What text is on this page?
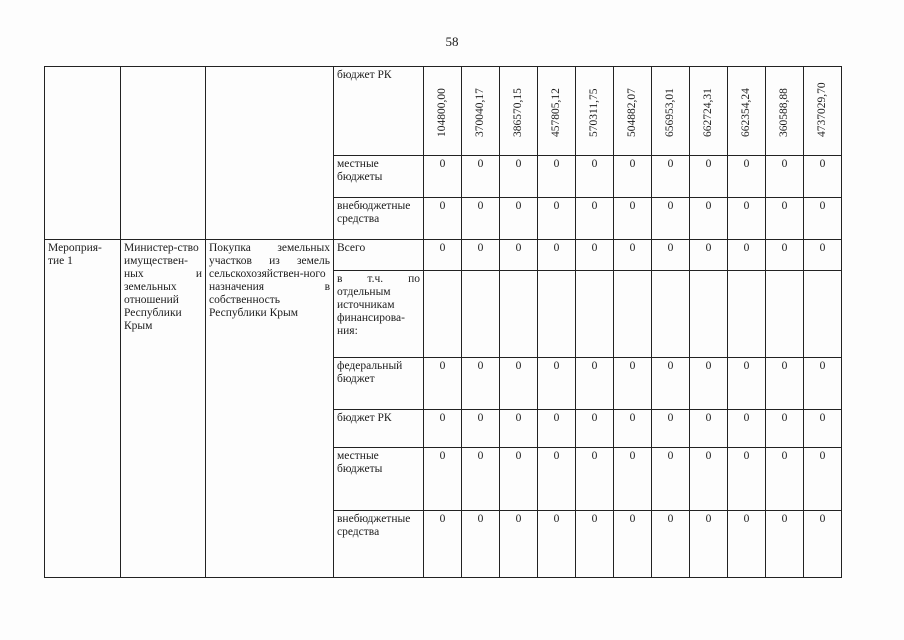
58
			бюджет РК	104800,00	370040,17	386570,15	457805,12	570311,75	504882,07	656953,01	662724,31	662354,24	360588,88	4737029,70

			местные бюджеты	0	0	0	0	0	0	0	0	0	0	0
			внебюджетные средства	0	0	0	0	0	0	0	0	0	0	0
Мероприя-тие 1	Министер-ство имуществен-ных и земельных отношений Республики Крым	Покупка земельных участков из земель сельскохозяйствен-ного назначения в собственность Республики Крым	Всего	0	0	0	0	0	0	0	0	0	0	0
			в т.ч. по отдельным источникам финансирова-ния:											
			федеральный бюджет	0	0	0	0	0	0	0	0	0	0	0
			бюджет РК	0	0	0	0	0	0	0	0	0	0	0
			местные бюджеты	0	0	0	0	0	0	0	0	0	0	0
			внебюджетные средства	0	0	0	0	0	0	0	0	0	0	0
